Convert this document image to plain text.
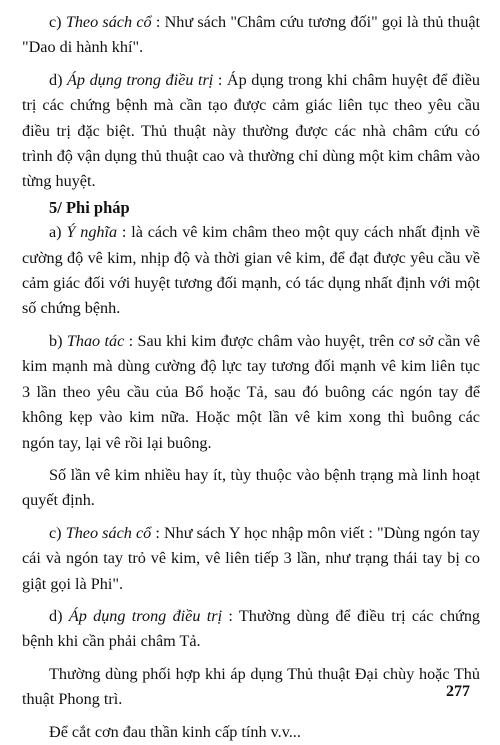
c) Theo sách cổ : Như sách "Châm cứu tương đối" gọi là thủ thuật "Dao di hành khí".

d) Áp dụng trong điều trị : Áp dụng trong khi châm huyệt để điều trị các chứng bệnh mà cần tạo được cảm giác liên tục theo yêu cầu điều trị đặc biệt. Thủ thuật này thường được các nhà châm cứu có trình độ vận dụng thủ thuật cao và thường chỉ dùng một kim châm vào từng huyệt.

5/ Phi pháp

a) Ý nghĩa : là cách vê kim châm theo một quy cách nhất định về cường độ vê kim, nhịp độ và thời gian vê kim, để đạt được yêu cầu về cảm giác đối với huyệt tương đối mạnh, có tác dụng nhất định với một số chứng bệnh.

b) Thao tác : Sau khi kim được châm vào huyệt, trên cơ sở cần vê kim mạnh mà dùng cường độ lực tay tương đối mạnh vê kim liên tục 3 lần theo yêu cầu của Bổ hoặc Tả, sau đó buông các ngón tay để không kẹp vào kim nữa. Hoặc một lần vê kim xong thì buông các ngón tay, lại vê rồi lại buông.

Số lần vê kim nhiều hay ít, tùy thuộc vào bệnh trạng mà linh hoạt quyết định.

c) Theo sách cổ : Như sách Y học nhập môn viết : "Dùng ngón tay cái và ngón tay trỏ vê kim, vê liên tiếp 3 lần, như trạng thái tay bị co giật gọi là Phi".

d) Áp dụng trong điều trị : Thường dùng để điều trị các chứng bệnh khi cần phải châm Tả.

Thường dùng phối hợp khi áp dụng Thủ thuật Đại chùy hoặc Thủ thuật Phong trì.

Để cắt cơn đau thần kinh cấp tính v.v...

277
